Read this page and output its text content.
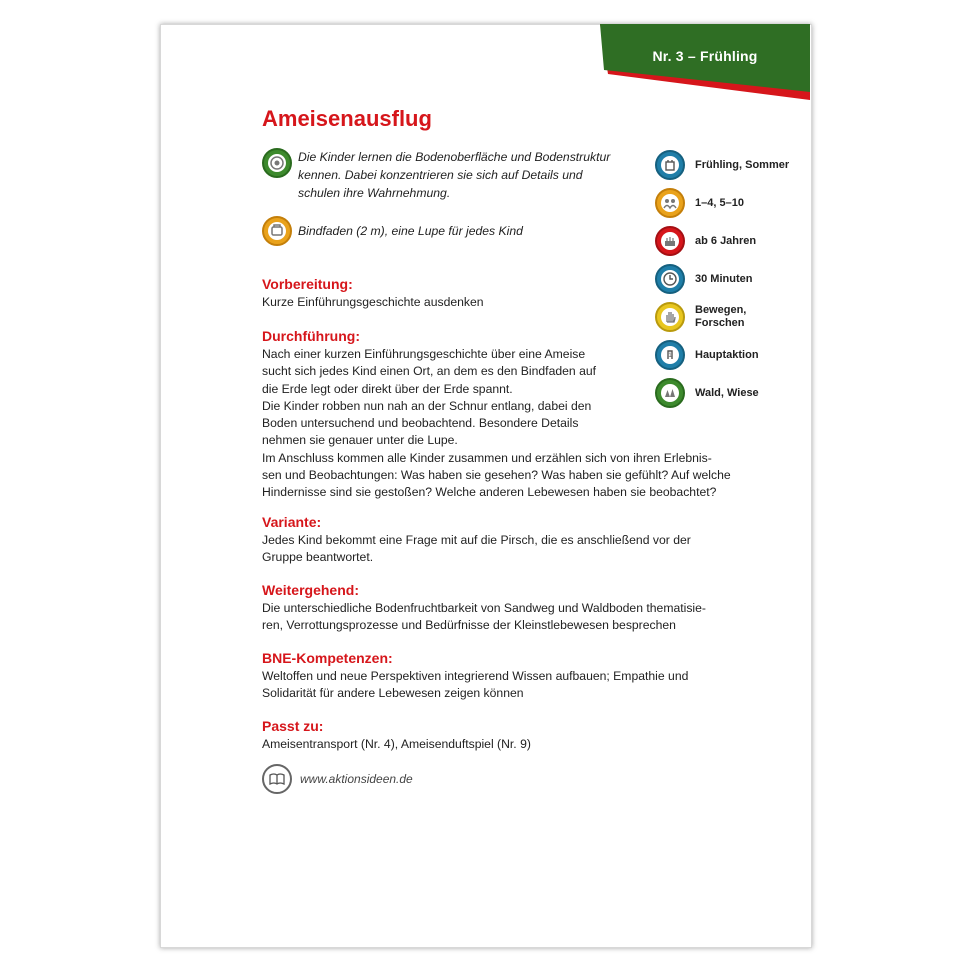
Nr. 3 – Frühling
Ameisenausflug
Die Kinder lernen die Bodenoberfläche und Bodenstruktur
kennen. Dabei konzentrieren sie sich auf Details und
schulen ihre Wahrnehmung.
Bindfaden (2 m), eine Lupe für jedes Kind
Frühling, Sommer
1–4, 5–10
ab 6 Jahren
30 Minuten
Bewegen,
Forschen
1 Hauptaktion
Wald, Wiese
Vorbereitung:

Kurze Einführungsgeschichte ausdenken

Durchführung:

Nach einer kurzen Einführungsgeschichte über eine Ameise
sucht sich jedes Kind einen Ort, an dem es den Bindfaden auf
die Erde legt oder direkt über der Erde spannt.
Die Kinder robben nun nah an der Schnur entlang, dabei den
Boden untersuchend und beobachtend. Besondere Details
nehmen sie genauer unter die Lupe.
Im Anschluss kommen alle Kinder zusammen und erzählen sich von ihren Erlebnis-
sen und Beobachtungen: Was haben sie gesehen? Was haben sie gefühlt? Auf welche
Hindernisse sind sie gestoßen? Welche anderen Lebewesen haben sie beobachtet?

Variante:

Jedes Kind bekommt eine Frage mit auf die Pirsch, die es anschließend vor der
Gruppe beantwortet.

Weitergehend:

Die unterschiedliche Bodenfruchtbarkeit von Sandweg und Waldboden thematisie-
ren, Verrottungsprozesse und Bedürfnisse der Kleinstlebewesen besprechen

BNE-Kompetenzen:

Weltoffen und neue Perspektiven integrierend Wissen aufbauen; Empathie und
Solidarität für andere Lebewesen zeigen können

Passt zu:

Ameisentransport (Nr. 4), Ameisenduftspiel (Nr. 9)

www.aktionsideen.de
